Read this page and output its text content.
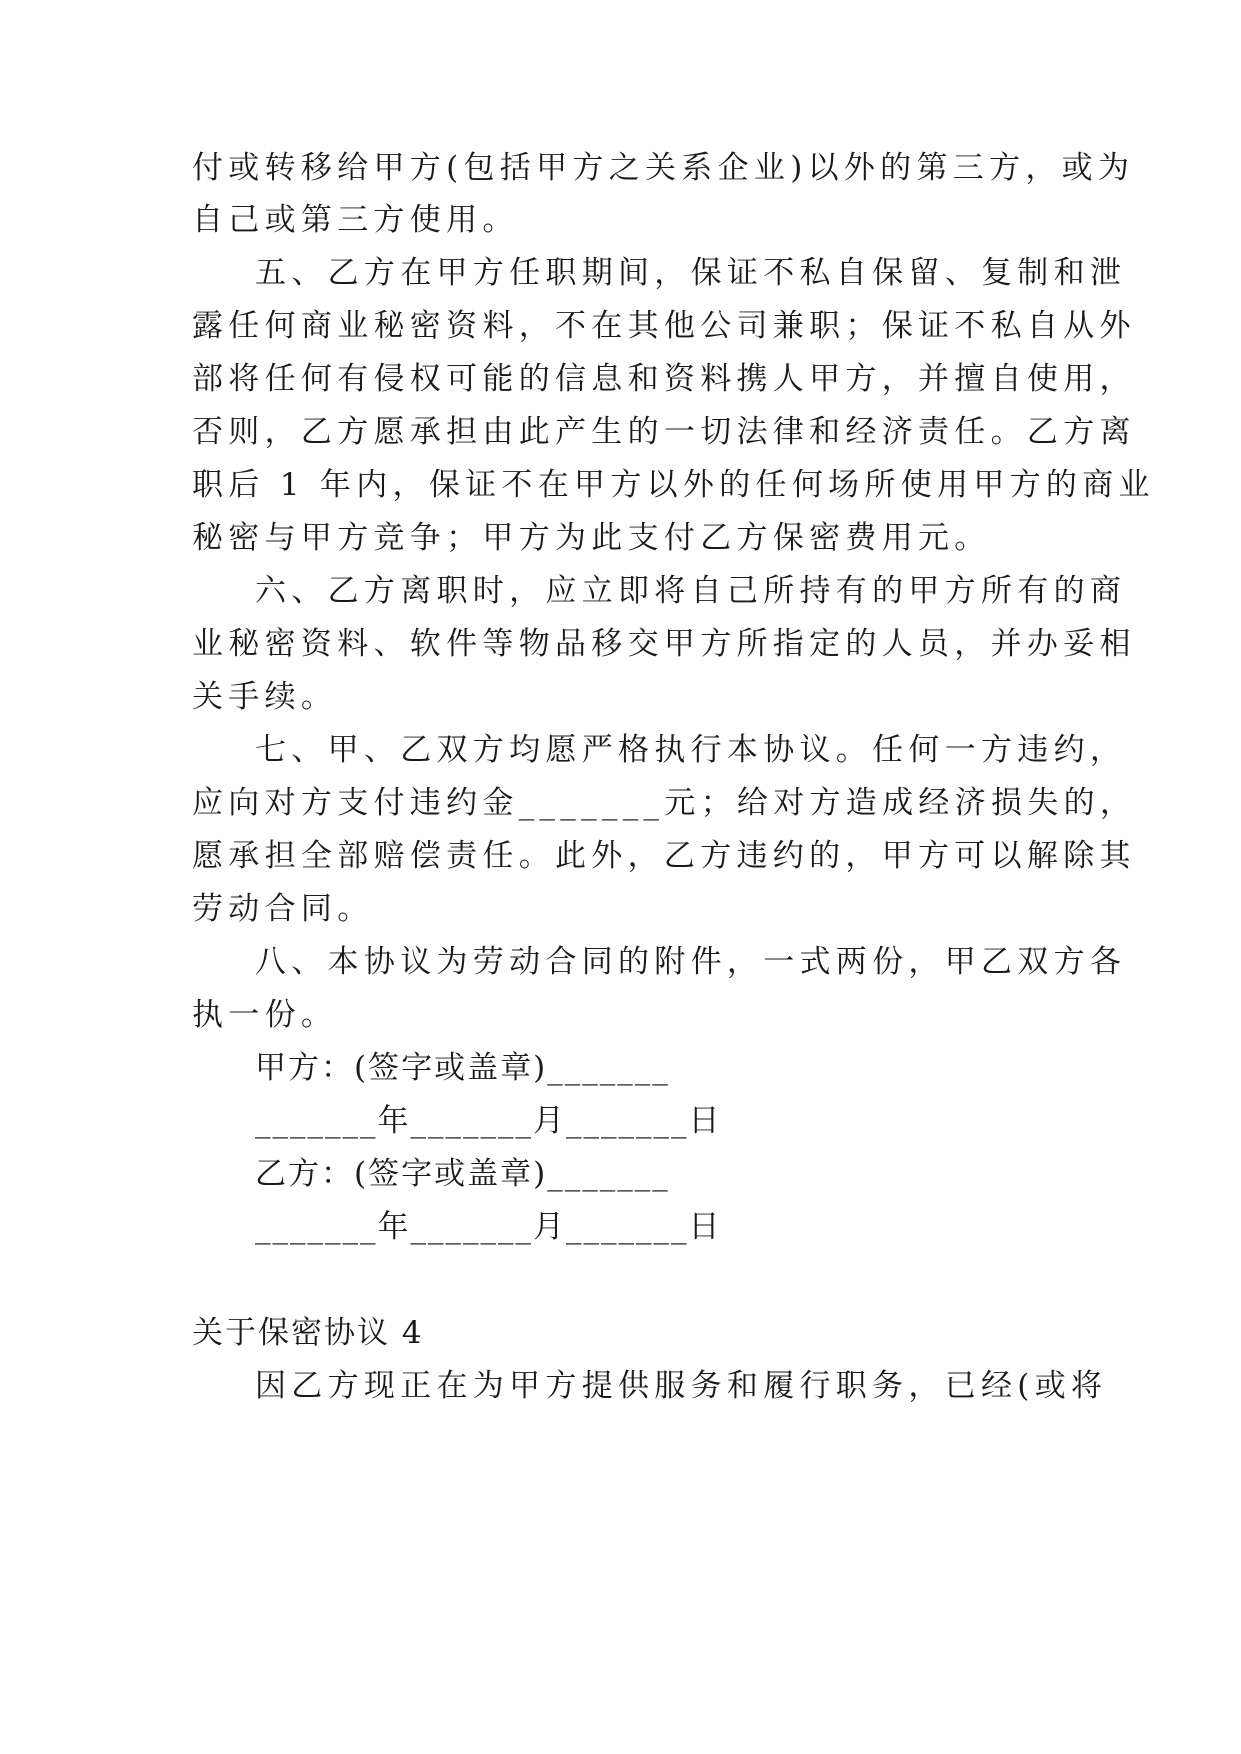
付或转移给甲方(包括甲方之关系企业)以外的第三方，或为
自己或第三方使用。
五、乙方在甲方任职期间，保证不私自保留、复制和泄
露任何商业秘密资料，不在其他公司兼职；保证不私自从外
部将任何有侵权可能的信息和资料携人甲方，并擅自使用，
否则，乙方愿承担由此产生的一切法律和经济责任。乙方离
职后 1 年内，保证不在甲方以外的任何场所使用甲方的商业
秘密与甲方竞争；甲方为此支付乙方保密费用元。
六、乙方离职时，应立即将自己所持有的甲方所有的商
业秘密资料、软件等物品移交甲方所指定的人员，并办妥相
关手续。
七、甲、乙双方均愿严格执行本协议。任何一方违约，
应向对方支付违约金_______元；给对方造成经济损失的，
愿承担全部赔偿责任。此外，乙方违约的，甲方可以解除其
劳动合同。
八、本协议为劳动合同的附件，一式两份，甲乙双方各
执一份。
甲方：(签字或盖章)_______
_______年_______月_______日
乙方：(签字或盖章)_______
_______年_______月_______日
关于保密协议 4
因乙方现正在为甲方提供服务和履行职务，已经(或将
